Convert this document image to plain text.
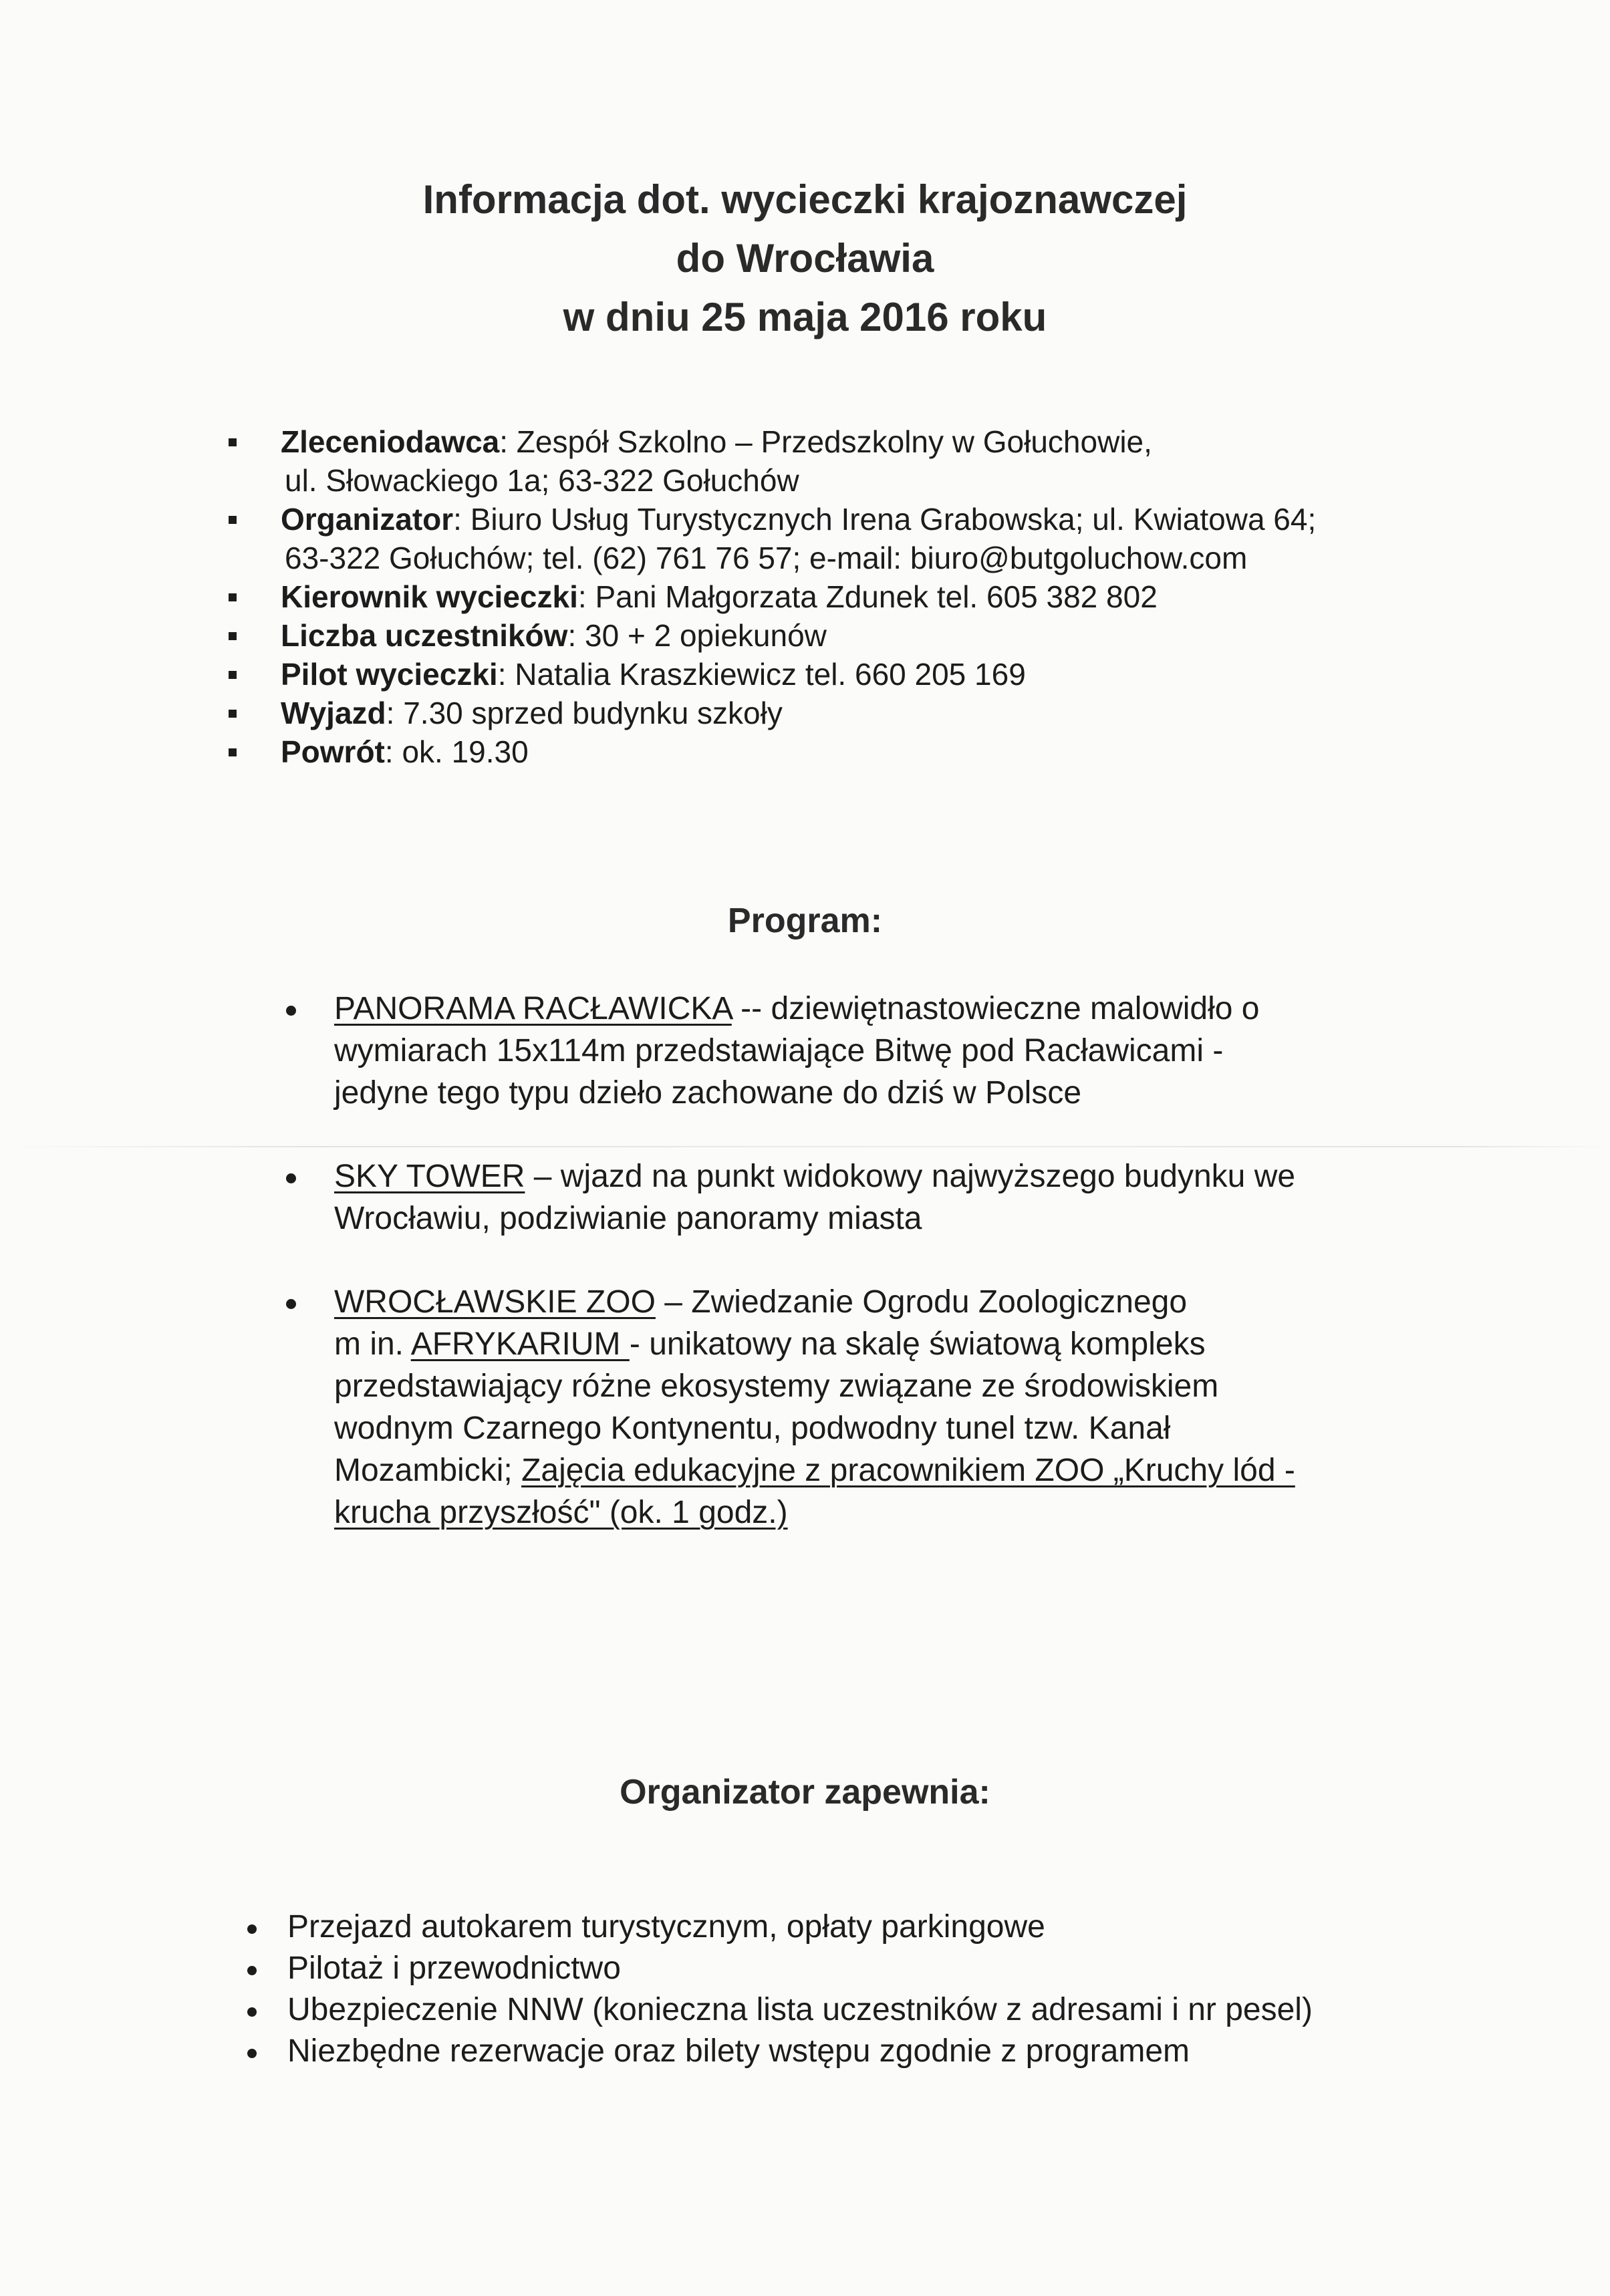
Informacja dot. wycieczki krajoznawczej
do Wrocławia
w dniu 25 maja 2016 roku
Zleceniodawca: Zespół Szkolno – Przedszkolny w Gołuchowie,
ul. Słowackiego 1a; 63-322 Gołuchów
Organizator: Biuro Usług Turystycznych Irena Grabowska; ul. Kwiatowa 64;
63-322 Gołuchów; tel. (62) 761 76 57; e-mail: biuro@butgoluchow.com
Kierownik wycieczki: Pani Małgorzata Zdunek tel. 605 382 802
Liczba uczestników: 30 + 2 opiekunów
Pilot wycieczki: Natalia Kraszkiewicz tel. 660 205 169
Wyjazd: 7.30 sprzed budynku szkoły
Powrót: ok. 19.30
Program:
PANORAMA RACŁAWICKA -- dziewiętnastowieczne malowidło o
wymiarach 15x114m przedstawiające Bitwę pod Racławicami -
jedyne tego typu dzieło zachowane do dziś w Polsce
SKY TOWER – wjazd na punkt widokowy najwyższego budynku we
Wrocławiu, podziwianie panoramy miasta
WROCŁAWSKIE ZOO – Zwiedzanie Ogrodu Zoologicznego
m in. AFRYKARIUM - unikatowy na skalę światową kompleks
przedstawiający różne ekosystemy związane ze środowiskiem
wodnym Czarnego Kontynentu, podwodny tunel tzw. Kanał
Mozambicki; Zajęcia edukacyjne z pracownikiem ZOO „Kruchy lód -
krucha przyszłość" (ok. 1 godz.)
Organizator zapewnia:
Przejazd autokarem turystycznym, opłaty parkingowe
Pilotaż i przewodnictwo
Ubezpieczenie NNW (konieczna lista uczestników z adresami i nr pesel)
Niezbędne rezerwacje oraz bilety wstępu zgodnie z programem
